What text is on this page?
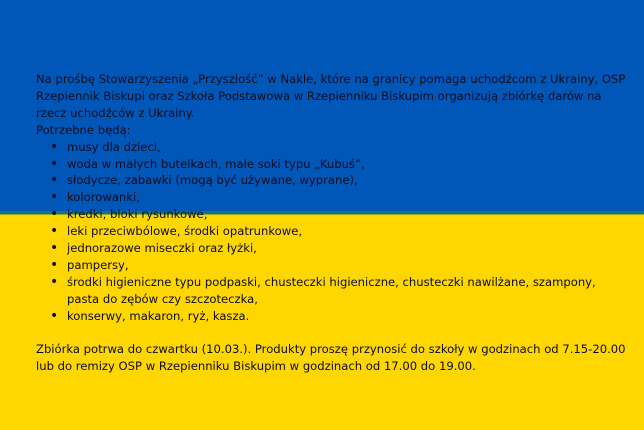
Na prośbę Stowarzyszenia „Przyszłość” w Nakle, które na granicy pomaga uchodźcom z Ukrainy, OSP Rzepiennik Biskupi oraz Szkoła Podstawowa w Rzepienniku Biskupim organizują zbiórkę darów na rzecz uchodźców z Ukrainy.

Potrzebne będą:

• musy dla dzieci,
• woda w małych butelkach, małe soki typu „Kubuś”,
• słodycze, zabawki (mogą być używane, wyprane),
• kolorowanki,
• kredki, bloki rysunkowe,
• leki przeciwbólowe, środki opatrunkowe,
• jednorazowe miseczki oraz łyżki,
• pampersy,
• środki higieniczne typu podpaski, chusteczki higieniczne, chusteczki nawilżane, szampony, pasta do zębów czy szczoteczka,
• konserwy, makaron, ryż, kasza.

Zbiórka potrwa do czwartku (10.03.). Produkty proszę przynosić do szkoły w godzinach od 7.15-20.00 lub do remizy OSP w Rzepienniku Biskupim w godzinach od 17.00 do 19.00.
